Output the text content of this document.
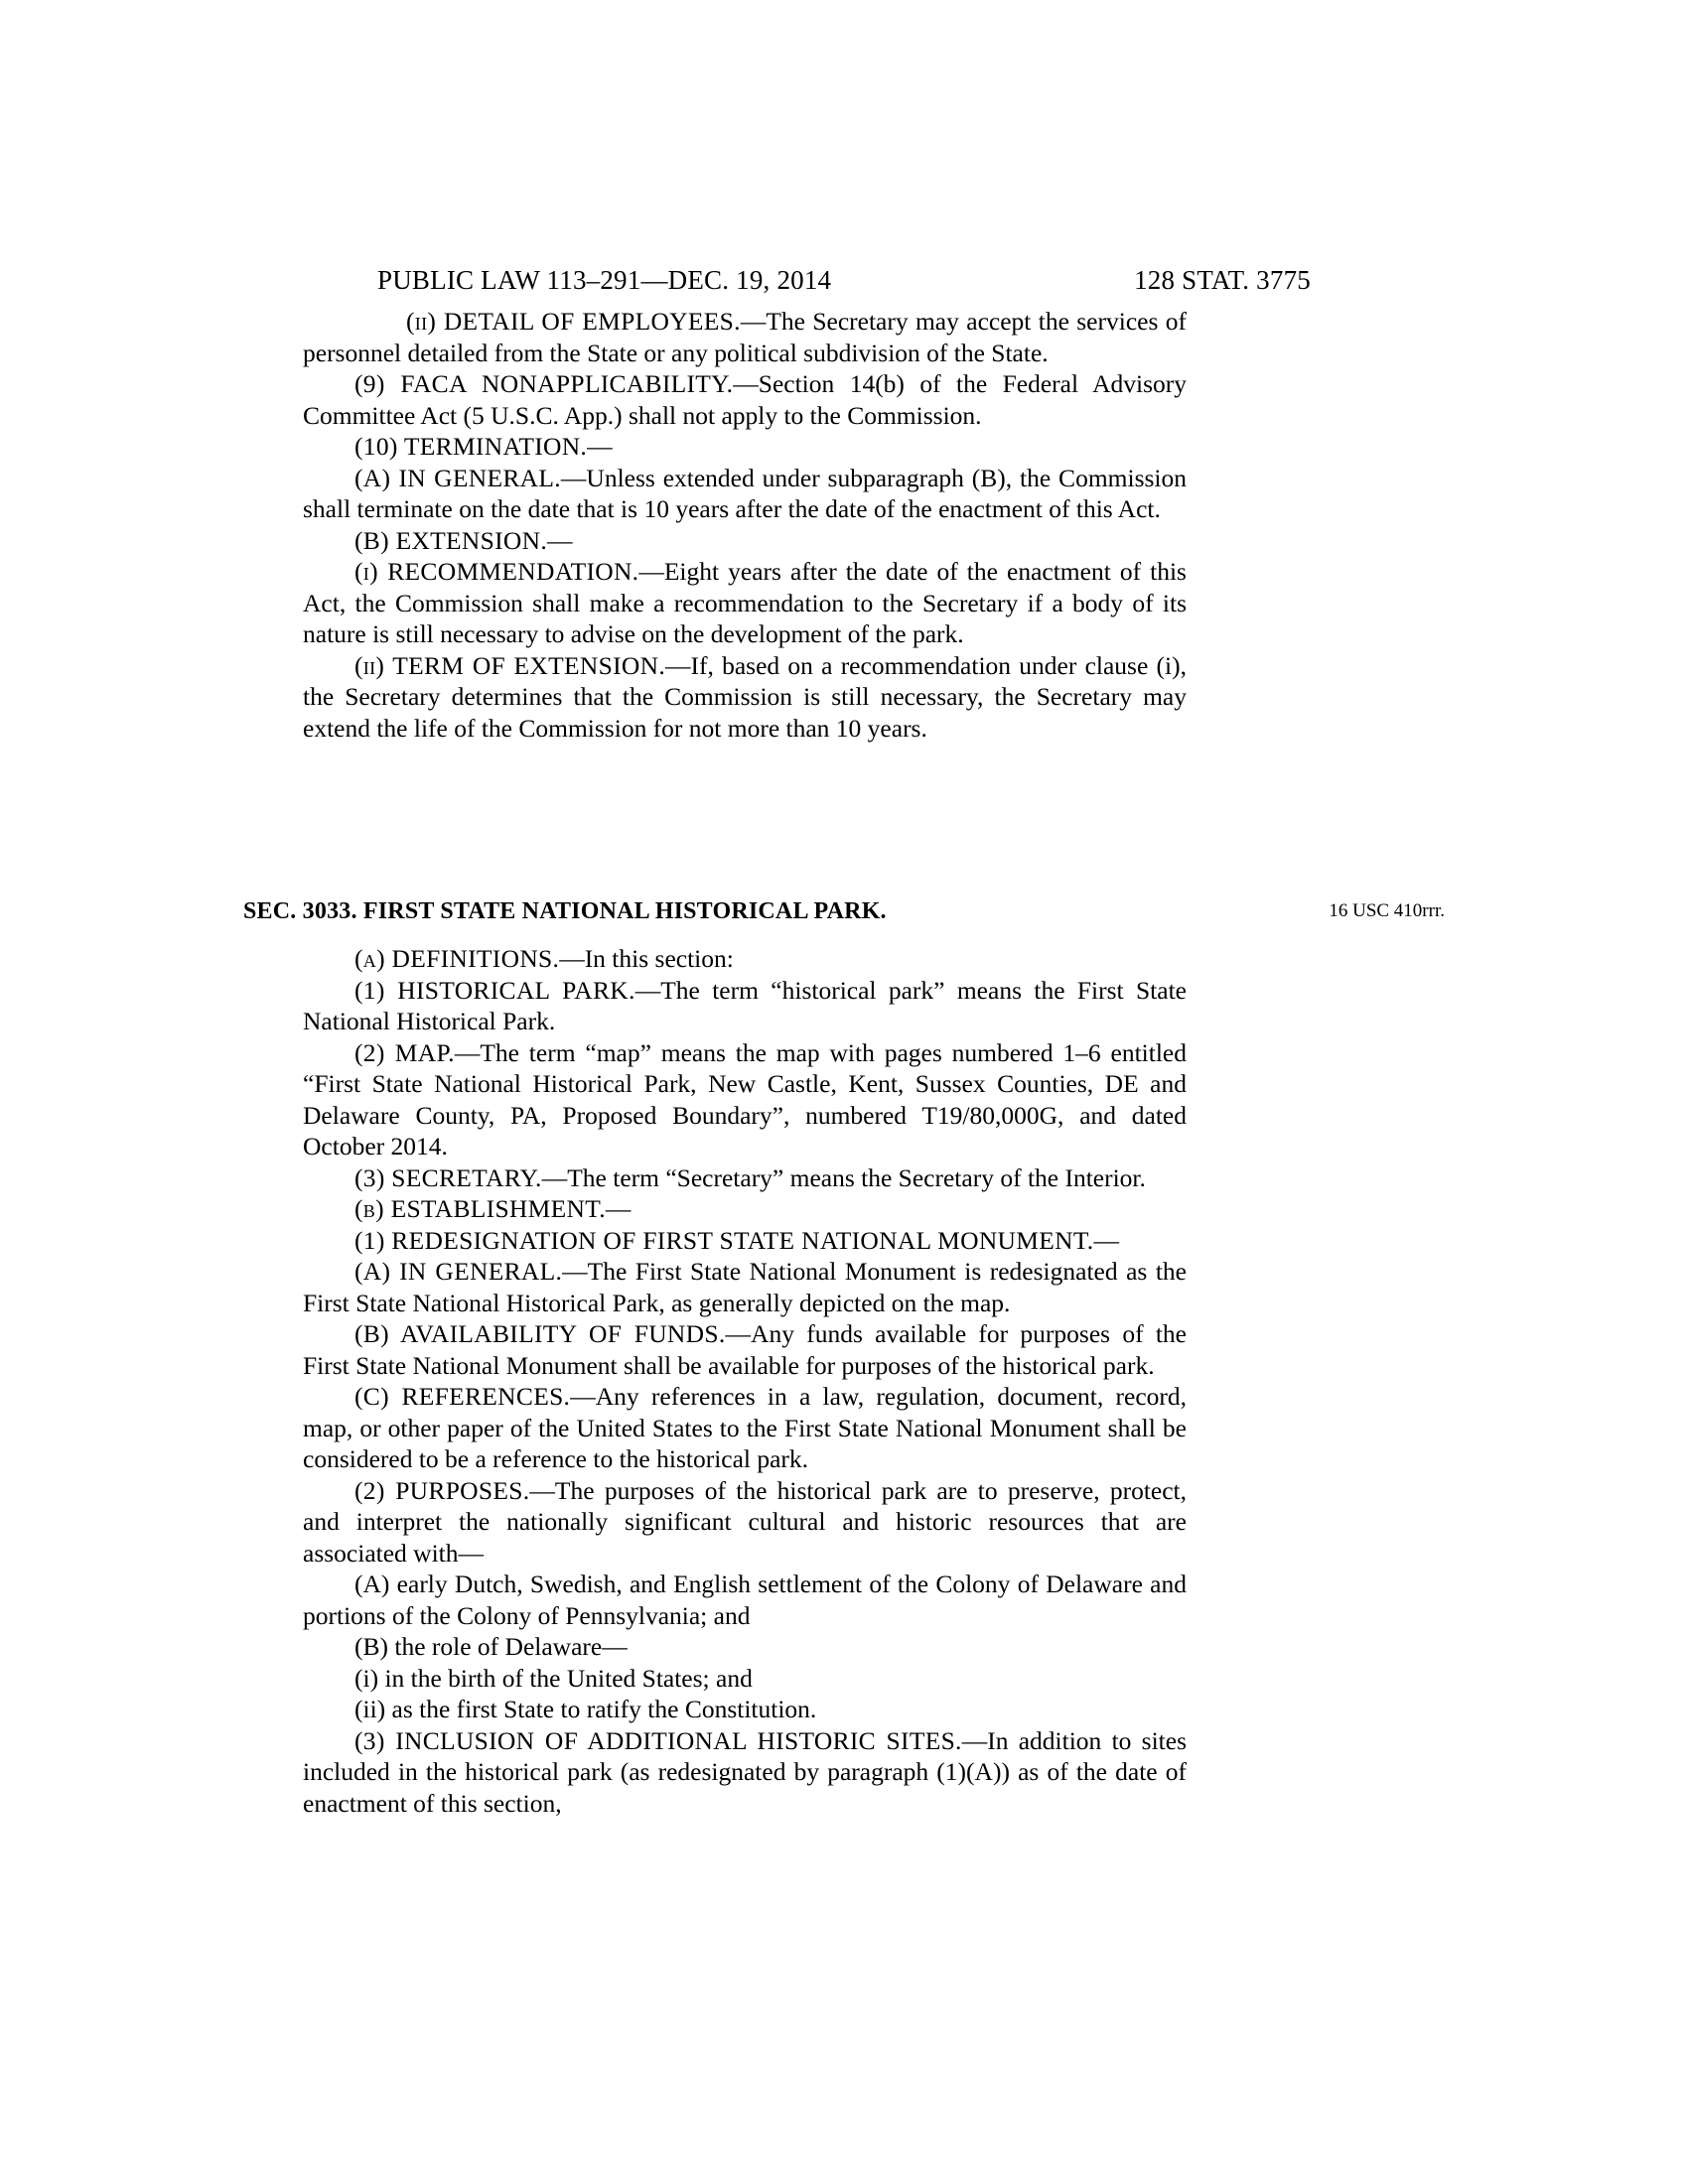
PUBLIC LAW 113–291—DEC. 19, 2014	128 STAT. 3775

(ii) DETAIL OF EMPLOYEES.—The Secretary may accept the services of personnel detailed from the State or any political subdivision of the State.

(9) FACA NONAPPLICABILITY.—Section 14(b) of the Federal Advisory Committee Act (5 U.S.C. App.) shall not apply to the Commission.

(10) TERMINATION.—

(A) IN GENERAL.—Unless extended under subparagraph (B), the Commission shall terminate on the date that is 10 years after the date of the enactment of this Act.

(B) EXTENSION.—

(i) RECOMMENDATION.—Eight years after the date of the enactment of this Act, the Commission shall make a recommendation to the Secretary if a body of its nature is still necessary to advise on the development of the park.

(ii) TERM OF EXTENSION.—If, based on a recommendation under clause (i), the Secretary determines that the Commission is still necessary, the Secretary may extend the life of the Commission for not more than 10 years.

SEC. 3033. FIRST STATE NATIONAL HISTORICAL PARK.	16 USC 410rrr.

(a) DEFINITIONS.—In this section:

(1) HISTORICAL PARK.—The term “historical park” means the First State National Historical Park.

(2) MAP.—The term “map” means the map with pages numbered 1–6 entitled “First State National Historical Park, New Castle, Kent, Sussex Counties, DE and Delaware County, PA, Proposed Boundary”, numbered T19/80,000G, and dated October 2014.

(3) SECRETARY.—The term “Secretary” means the Secretary of the Interior.

(b) ESTABLISHMENT.—

(1) REDESIGNATION OF FIRST STATE NATIONAL MONUMENT.—

(A) IN GENERAL.—The First State National Monument is redesignated as the First State National Historical Park, as generally depicted on the map.

(B) AVAILABILITY OF FUNDS.—Any funds available for purposes of the First State National Monument shall be available for purposes of the historical park.

(C) REFERENCES.—Any references in a law, regulation, document, record, map, or other paper of the United States to the First State National Monument shall be considered to be a reference to the historical park.

(2) PURPOSES.—The purposes of the historical park are to preserve, protect, and interpret the nationally significant cultural and historic resources that are associated with—

(A) early Dutch, Swedish, and English settlement of the Colony of Delaware and portions of the Colony of Pennsylvania; and

(B) the role of Delaware—

(i) in the birth of the United States; and

(ii) as the first State to ratify the Constitution.

(3) INCLUSION OF ADDITIONAL HISTORIC SITES.—In addition to sites included in the historical park (as redesignated by paragraph (1)(A)) as of the date of enactment of this section,
